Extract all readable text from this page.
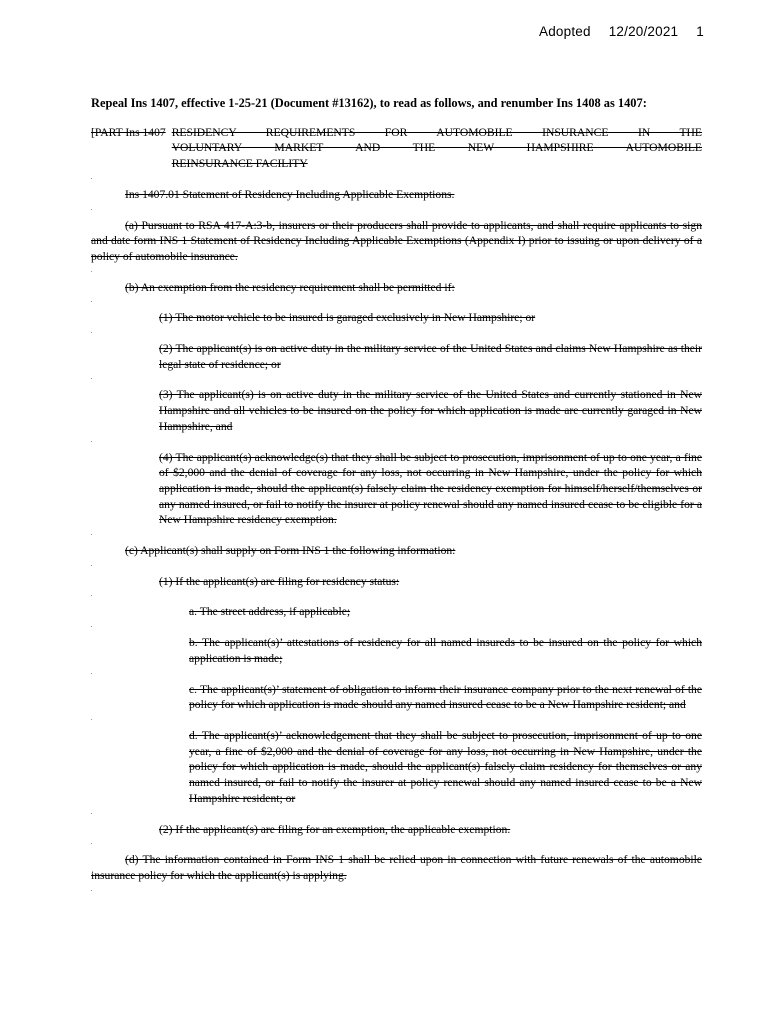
Adopted 12/20/2021 1
Repeal Ins 1407, effective 1-25-21 (Document #13162), to read as follows, and renumber Ins 1408 as 1407:
[PART Ins 1407 RESIDENCY REQUIREMENTS FOR AUTOMOBILE INSURANCE IN THE
VOLUNTARY MARKET AND THE NEW HAMPSHIRE AUTOMOBILE
REINSURANCE FACILITY

Ins 1407.01 Statement of Residency Including Applicable Exemptions.

(a) Pursuant to RSA 417-A:3-b, insurers or their producers shall provide to applicants, and shall require applicants to sign and date form INS 1 Statement of Residency Including Applicable Exemptions (Appendix I) prior to issuing or upon delivery of a policy of automobile insurance.

(b) An exemption from the residency requirement shall be permitted if:

(1) The motor vehicle to be insured is garaged exclusively in New Hampshire; or

(2) The applicant(s) is on active duty in the military service of the United States and claims New Hampshire as their legal state of residence; or

(3) The applicant(s) is on active duty in the military service of the United States and currently stationed in New Hampshire and all vehicles to be insured on the policy for which application is made are currently garaged in New Hampshire, and

(4) The applicant(s) acknowledge(s) that they shall be subject to prosecution, imprisonment of up to one year, a fine of $2,000 and the denial of coverage for any loss, not occurring in New Hampshire, under the policy for which application is made, should the applicant(s) falsely claim the residency exemption for himself/herself/themselves or any named insured, or fail to notify the insurer at policy renewal should any named insured cease to be eligible for a New Hampshire residency exemption.

(c) Applicant(s) shall supply on Form INS 1 the following information:

(1) If the applicant(s) are filing for residency status:

a. The street address, if applicable;

b. The applicant(s)’ attestations of residency for all named insureds to be insured on the policy for which application is made;

c. The applicant(s)’ statement of obligation to inform their insurance company prior to the next renewal of the policy for which application is made should any named insured cease to be a New Hampshire resident; and

d. The applicant(s)’ acknowledgement that they shall be subject to prosecution, imprisonment of up to one year, a fine of $2,000 and the denial of coverage for any loss, not occurring in New Hampshire, under the policy for which application is made, should the applicant(s) falsely claim residency for themselves or any named insured, or fail to notify the insurer at policy renewal should any named insured cease to be a New Hampshire resident; or

(2) If the applicant(s) are filing for an exemption, the applicable exemption.

(d) The information contained in Form INS 1 shall be relied upon in connection with future renewals of the automobile insurance policy for which the applicant(s) is applying.
